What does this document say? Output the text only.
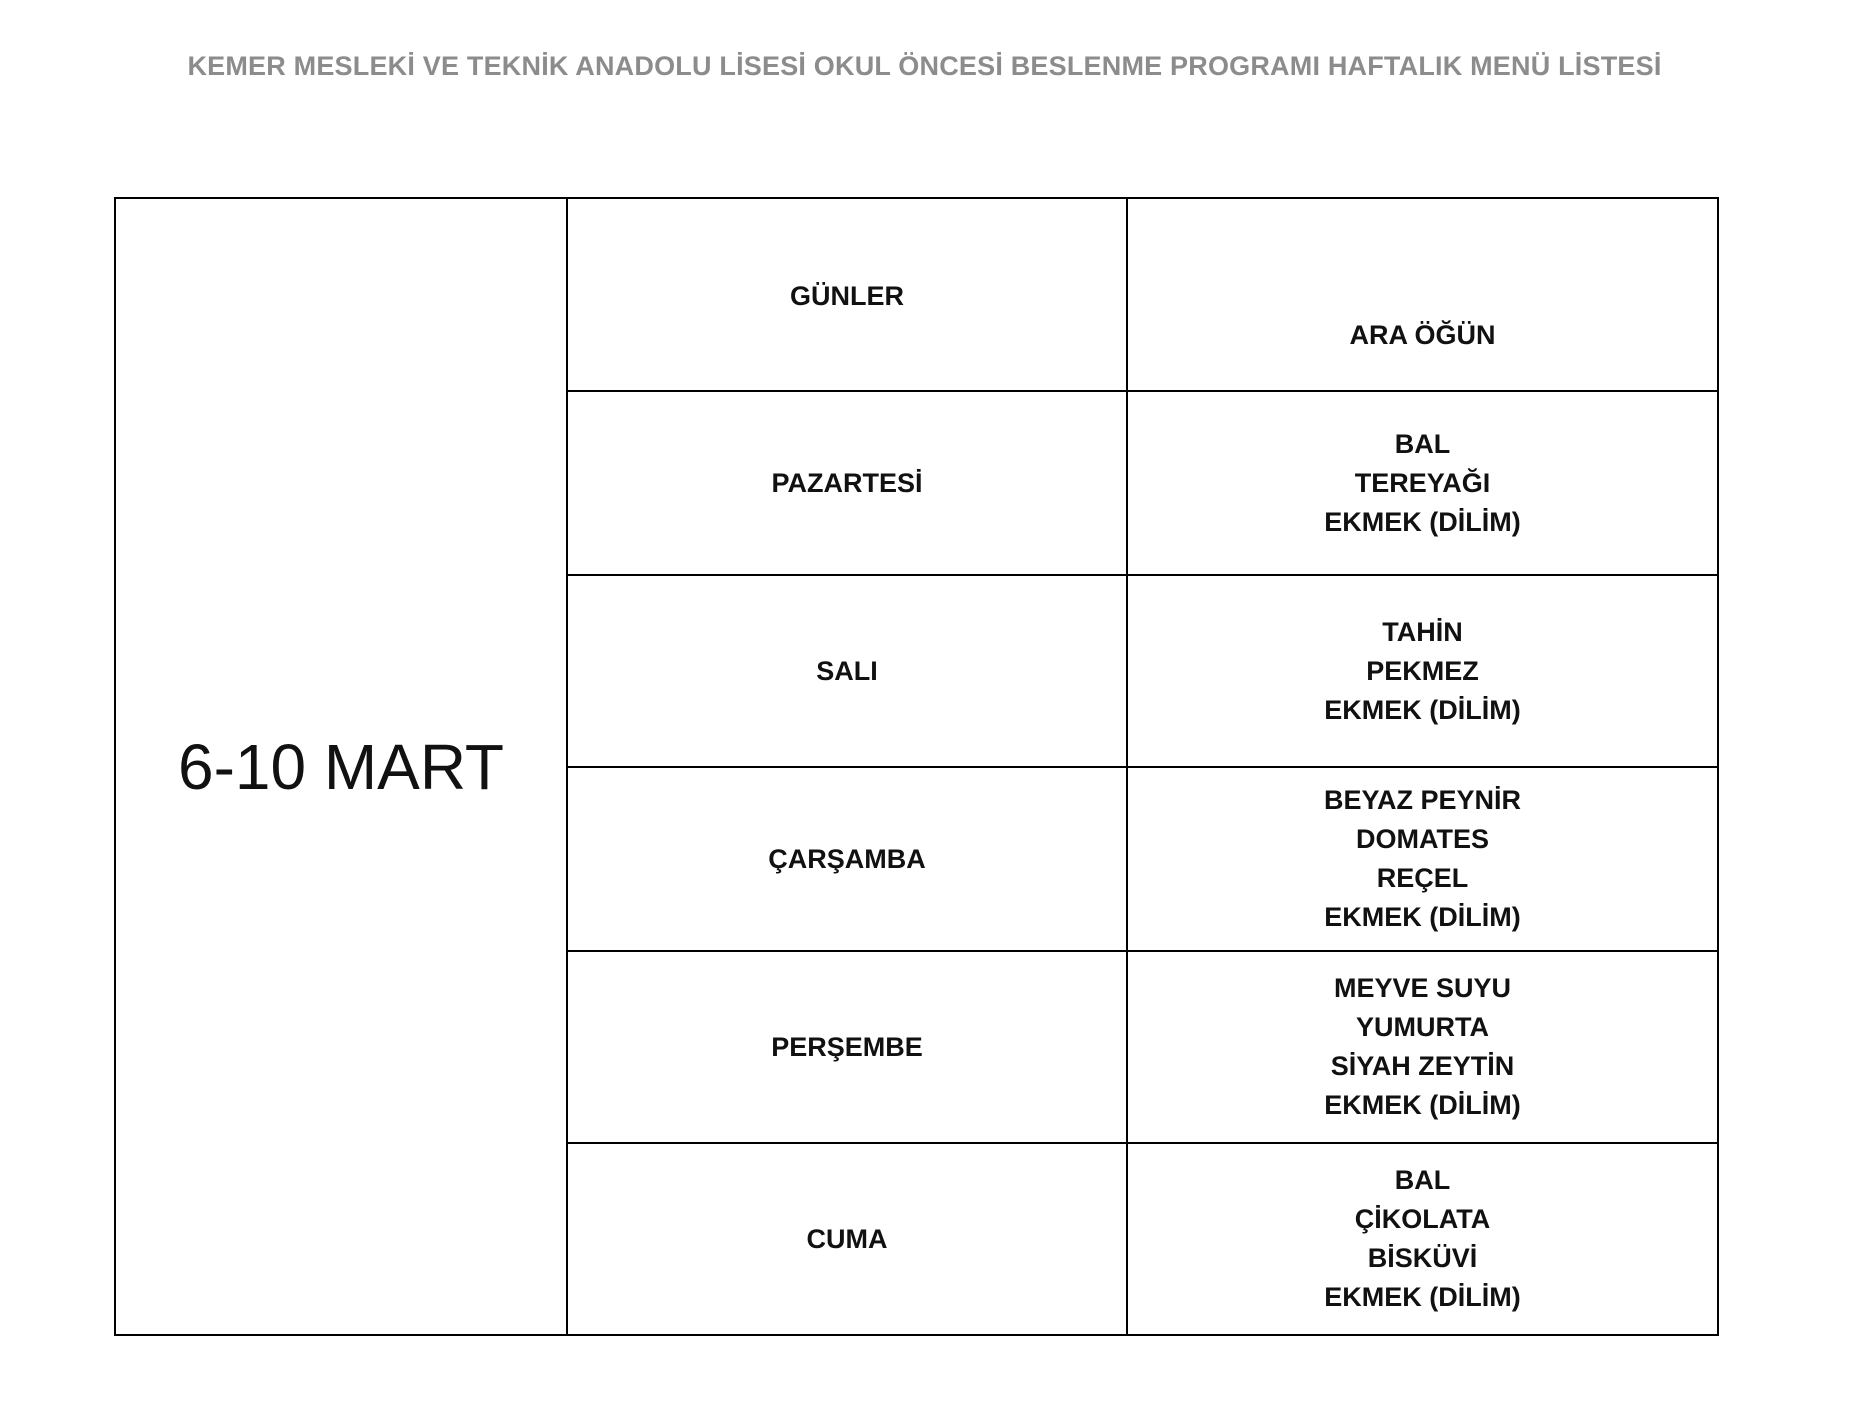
KEMER MESLEKİ VE TEKNİK ANADOLU LİSESİ OKUL ÖNCESİ BESLENME PROGRAMI HAFTALIK MENÜ LİSTESİ
6-10 MART	GÜNLER	ARA ÖĞÜN
	PAZARTESİ	BAL
TEREYAĞI
EKMEK (DİLİM)
	SALI	TAHİN
PEKMEZ
EKMEK (DİLİM)
	ÇARŞAMBA	BEYAZ PEYNİR
DOMATES
REÇEL
EKMEK (DİLİM)
	PERŞEMBE	MEYVE SUYU
YUMURTA
SİYAH ZEYTİN
EKMEK (DİLİM)
	CUMA	BAL
ÇİKOLATA
BİSKÜVİ
EKMEK (DİLİM)
